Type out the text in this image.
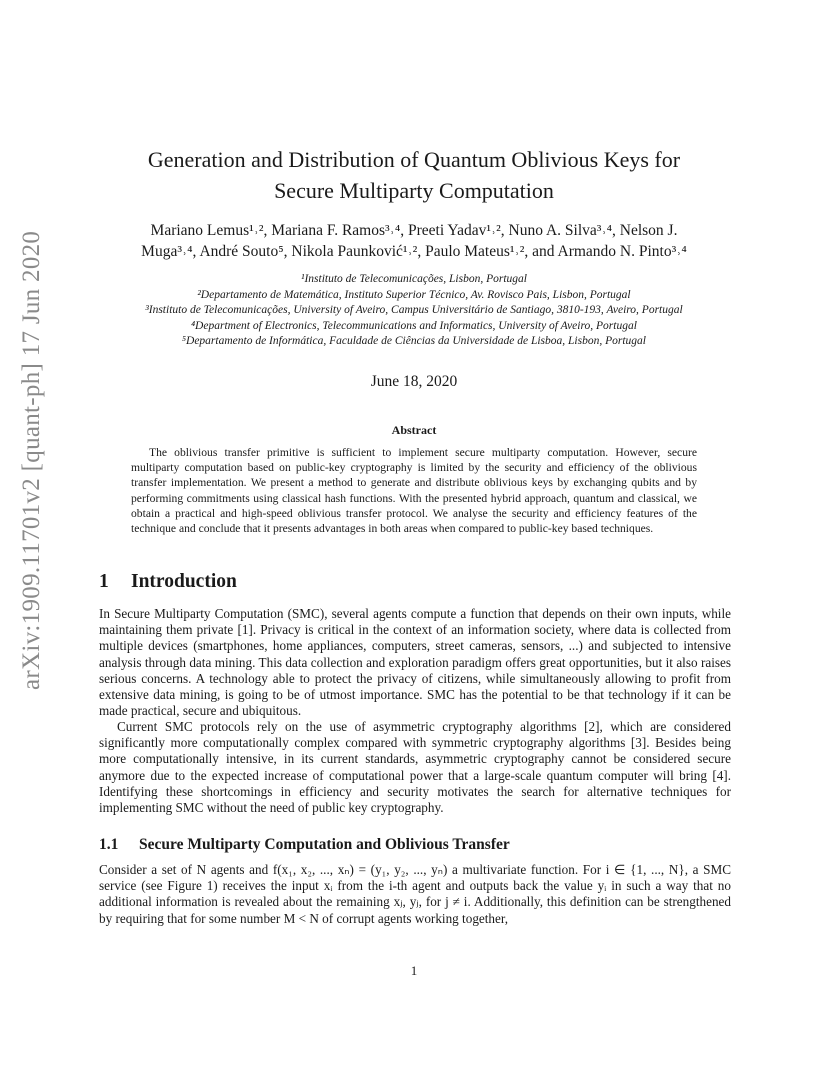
arXiv:1909.11701v2 [quant-ph] 17 Jun 2020
Generation and Distribution of Quantum Oblivious Keys for
Secure Multiparty Computation
Mariano Lemus¹˒², Mariana F. Ramos³˒⁴, Preeti Yadav¹˒², Nuno A. Silva³˒⁴, Nelson J.
Muga³˒⁴, André Souto⁵, Nikola Paunković¹˒², Paulo Mateus¹˒², and Armando N. Pinto³˒⁴
¹Instituto de Telecomunicações, Lisbon, Portugal
²Departamento de Matemática, Instituto Superior Técnico, Av. Rovisco Pais, Lisbon, Portugal
³Instituto de Telecomunicações, University of Aveiro, Campus Universitário de Santiago, 3810-193, Aveiro, Portugal
⁴Department of Electronics, Telecommunications and Informatics, University of Aveiro, Portugal
⁵Departamento de Informática, Faculdade de Ciências da Universidade de Lisboa, Lisbon, Portugal
June 18, 2020
Abstract
The oblivious transfer primitive is sufficient to implement secure multiparty computation. However, secure multiparty computation based on public-key cryptography is limited by the security and efficiency of the oblivious transfer implementation. We present a method to generate and distribute oblivious keys by exchanging qubits and by performing commitments using classical hash functions. With the presented hybrid approach, quantum and classical, we obtain a practical and high-speed oblivious transfer protocol. We analyse the security and efficiency features of the technique and conclude that it presents advantages in both areas when compared to public-key based techniques.
1 Introduction
In Secure Multiparty Computation (SMC), several agents compute a function that depends on their own inputs, while maintaining them private [1]. Privacy is critical in the context of an information society, where data is collected from multiple devices (smartphones, home appliances, computers, street cameras, sensors, ...) and subjected to intensive analysis through data mining. This data collection and exploration paradigm offers great opportunities, but it also raises serious concerns. A technology able to protect the privacy of citizens, while simultaneously allowing to profit from extensive data mining, is going to be of utmost importance. SMC has the potential to be that technology if it can be made practical, secure and ubiquitous.
Current SMC protocols rely on the use of asymmetric cryptography algorithms [2], which are considered significantly more computationally complex compared with symmetric cryptography algorithms [3]. Besides being more computationally intensive, in its current standards, asymmetric cryptography cannot be considered secure anymore due to the expected increase of computational power that a large-scale quantum computer will bring [4]. Identifying these shortcomings in efficiency and security motivates the search for alternative techniques for implementing SMC without the need of public key cryptography.
1.1 Secure Multiparty Computation and Oblivious Transfer
Consider a set of N agents and f(x₁, x₂, ..., xₙ) = (y₁, y₂, ..., yₙ) a multivariate function. For i ∈ {1, ..., N}, a SMC service (see Figure 1) receives the input xᵢ from the i-th agent and outputs back the value yᵢ in such a way that no additional information is revealed about the remaining xⱼ, yⱼ, for j ≠ i. Additionally, this definition can be strengthened by requiring that for some number M < N of corrupt agents working together,
1
